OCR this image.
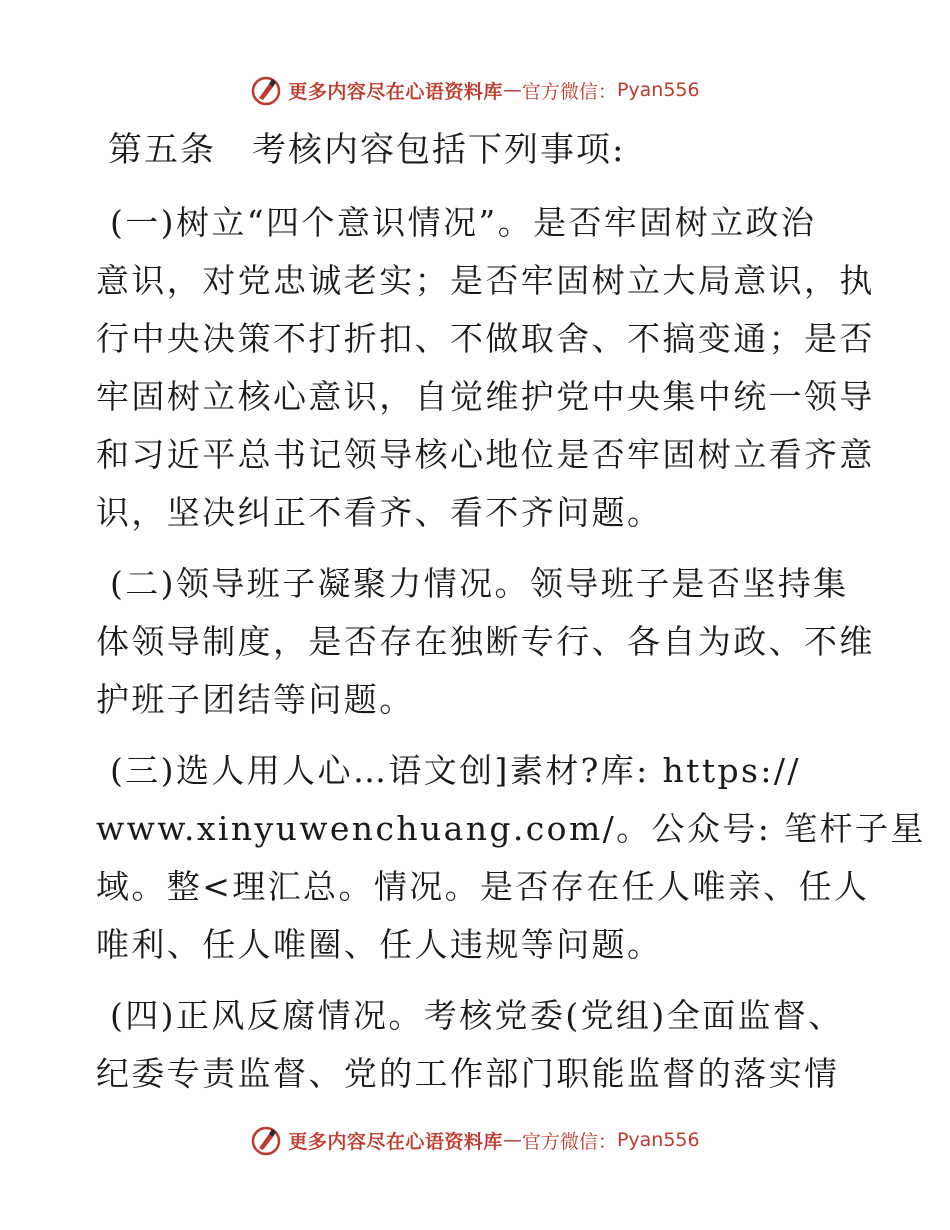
更多内容尽在心语资料库 — 官方微信 ： Pyan556
第五条　考核内容包括下列事项:
(一)树立“四个意识情况”。是否牢固树立政治
意识，对党忠诚老实；是否牢固树立大局意识，执
行中央决策不打折扣、不做取舍、不搞变通；是否
牢固树立核心意识，自觉维护党中央集中统一领导
和习近平总书记领导核心地位是否牢固树立看齐意
识，坚决纠正不看齐、看不齐问题。
(二)领导班子凝聚力情况。领导班子是否坚持集
体领导制度，是否存在独断专行、各自为政、不维
护班子团结等问题。
(三)选人用人心…语文创]素材?库: https://
www.xinyuwenchuang.com/。公众号: 笔杆子星
域。整<理汇总。情况。是否存在任人唯亲、任人
唯利、任人唯圈、任人违规等问题。
(四)正风反腐情况。考核党委(党组)全面监督、
纪委专责监督、党的工作部门职能监督的落实情
更多内容尽在心语资料库 — 官方微信 ： Pyan556
